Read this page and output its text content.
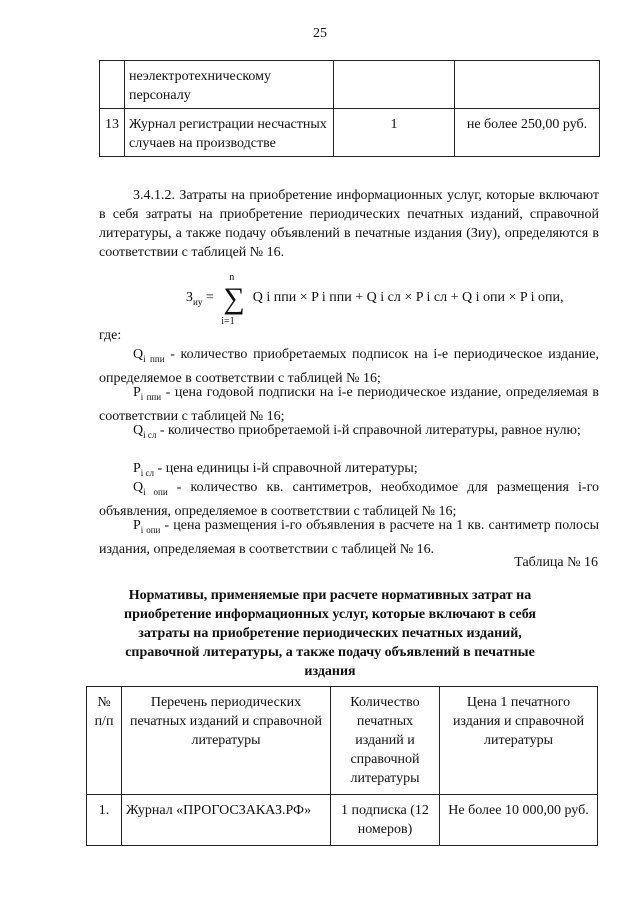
25
	неэлектротехническому персоналу		
13	Журнал регистрации несчастных случаев на производстве	1	не более 250,00 руб.
3.4.1.2. Затраты на приобретение информационных услуг, которые включают в себя затраты на приобретение периодических печатных изданий, справочной литературы, а также подачу объявлений в печатные издания (Зиу), определяются в соответствии с таблицей № 16.
$З_{иу}$ =
n
∑
i=1
Q i ппи × P i ппи + Q i сл × P i сл + Q i опи × P i опи,
где:
$Q_{i ппи}$ - количество приобретаемых подписок на i-е периодическое издание, определяемое в соответствии с таблицей № 16;
$P_{i ппи}$ - цена годовой подписки на i-е периодическое издание, определяемая в соответствии с таблицей № 16;
$Q_{i сл}$ - количество приобретаемой i-й справочной литературы, равное нулю;
$P_{i сл}$ - цена единицы i-й справочной литературы;
$Q_{i опи}$ - количество кв. сантиметров, необходимое для размещения i-го объявления, определяемое в соответствии с таблицей № 16;
$P_{i опи}$ - цена размещения i-го объявления в расчете на 1 кв. сантиметр полосы издания, определяемая в соответствии с таблицей № 16.
Таблица № 16
Нормативы, применяемые при расчете нормативных затрат на приобретение информационных услуг, которые включают в себя затраты на приобретение периодических печатных изданий, справочной литературы, а также подачу объявлений в печатные издания
№ п/п	Перечень периодических печатных изданий и справочной литературы	Количество печатных изданий и справочной литературы	Цена 1 печатного издания и справочной литературы
1.	Журнал «ПРОГОСЗАКАЗ.РФ»	1 подписка (12 номеров)	Не более 10 000,00 руб.
